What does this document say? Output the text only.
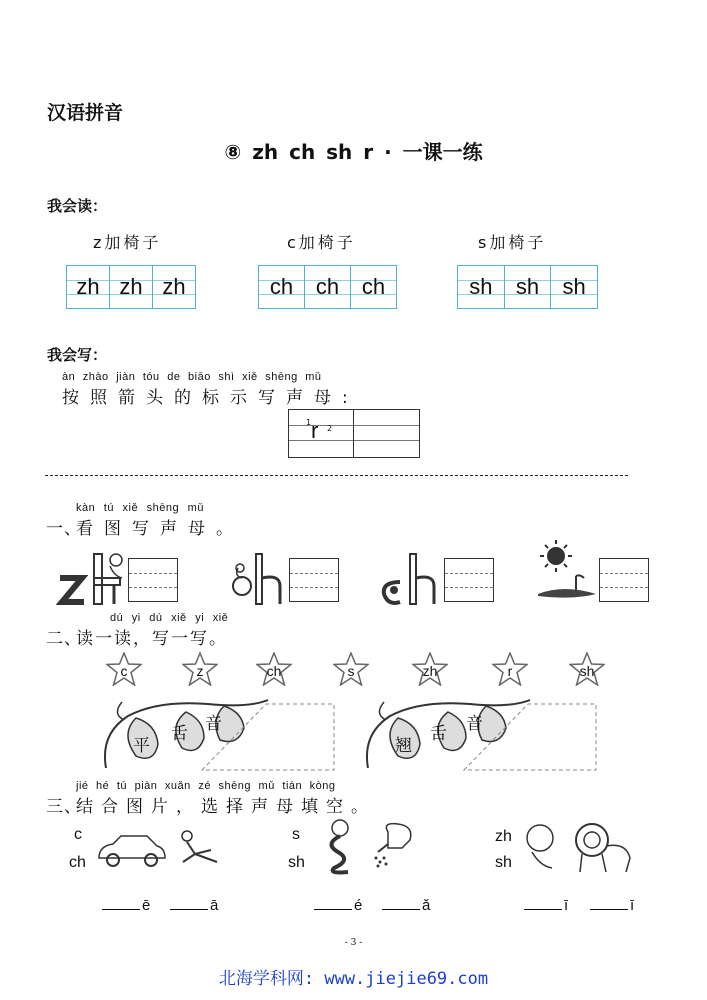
汉语拼音
⑧ zh ch sh r · 一课一练
我会读：
z加椅子	c加椅子	s加椅子
zh zh zh	ch	ch	ch	sh	sh	sh
我会写：
àn zhào jiàn tóu de biāo shì xiě shēng mǔ
按照箭头的标示写声母:
r
1
2
kàn tú xiě shēng mǔ
一、
看图写声母。
dú yi dú xiě yi xiě
二、
读一读，写一写。
c	z	ch	s	zh	r	sh
平
舌 音
翘
舌 音
jié hé tú piàn xuǎn zé shēng mǔ tián kòng
三、
结合图片，选择声母填空。
c
ch
ē	ā
s
sh
é	ǎ
zh
sh
ī	ī
- 3 -
北海学科网: www.jiejie69.com
